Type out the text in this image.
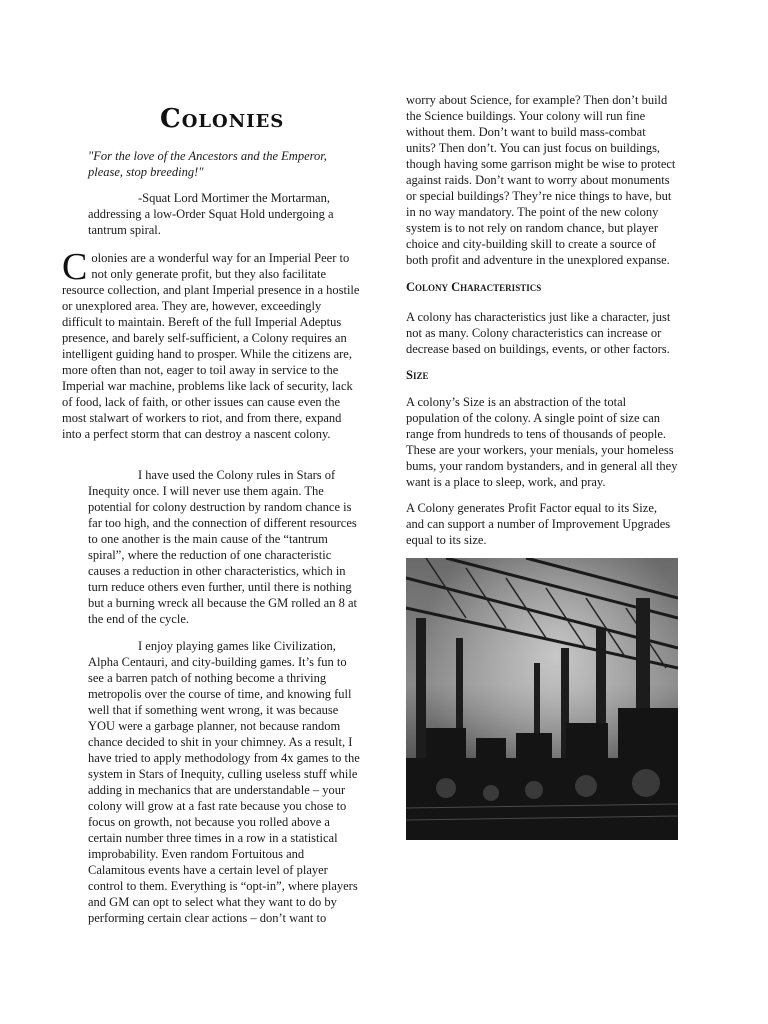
Colonies
"For the love of the Ancestors and the Emperor, please, stop breeding!"
-Squat Lord Mortimer the Mortarman, addressing a low-Order Squat Hold undergoing a tantrum spiral.
Colonies are a wonderful way for an Imperial Peer to not only generate profit, but they also facilitate resource collection, and plant Imperial presence in a hostile or unexplored area. They are, however, exceedingly difficult to maintain. Bereft of the full Imperial Adeptus presence, and barely self-sufficient, a Colony requires an intelligent guiding hand to prosper. While the citizens are, more often than not, eager to toil away in service to the Imperial war machine, problems like lack of security, lack of food, lack of faith, or other issues can cause even the most stalwart of workers to riot, and from there, expand into a perfect storm that can destroy a nascent colony.

I have used the Colony rules in Stars of Inequity once. I will never use them again. The potential for colony destruction by random chance is far too high, and the connection of different resources to one another is the main cause of the “tantrum spiral”, where the reduction of one characteristic causes a reduction in other characteristics, which in turn reduce others even further, until there is nothing but a burning wreck all because the GM rolled an 8 at the end of the cycle.

I enjoy playing games like Civilization, Alpha Centauri, and city-building games. It’s fun to see a barren patch of nothing become a thriving metropolis over the course of time, and knowing full well that if something went wrong, it was because YOU were a garbage planner, not because random chance decided to shit in your chimney. As a result, I have tried to apply methodology from 4x games to the system in Stars of Inequity, culling useless stuff while adding in mechanics that are understandable – your colony will grow at a fast rate because you chose to focus on growth, not because you rolled above a certain number three times in a row in a statistical improbability. Even random Fortuitous and Calamitous events have a certain level of player control to them. Everything is “opt-in”, where players and GM can opt to select what they want to do by performing certain clear actions – don’t want to

worry about Science, for example? Then don’t build the Science buildings. Your colony will run fine without them. Don’t want to build mass-combat units? Then don’t. You can just focus on buildings, though having some garrison might be wise to protect against raids. Don’t want to worry about monuments or special buildings? They’re nice things to have, but in no way mandatory. The point of the new colony system is to not rely on random chance, but player choice and city-building skill to create a source of both profit and adventure in the unexplored expanse.

Colony Characteristics

A colony has characteristics just like a character, just not as many. Colony characteristics can increase or decrease based on buildings, events, or other factors.

Size

A colony’s Size is an abstraction of the total population of the colony. A single point of size can range from hundreds to tens of thousands of people. These are your workers, your menials, your homeless bums, your random bystanders, and in general all they want is a place to sleep, work, and pray.

A Colony generates Profit Factor equal to its Size, and can support a number of Improvement Upgrades equal to its size.
